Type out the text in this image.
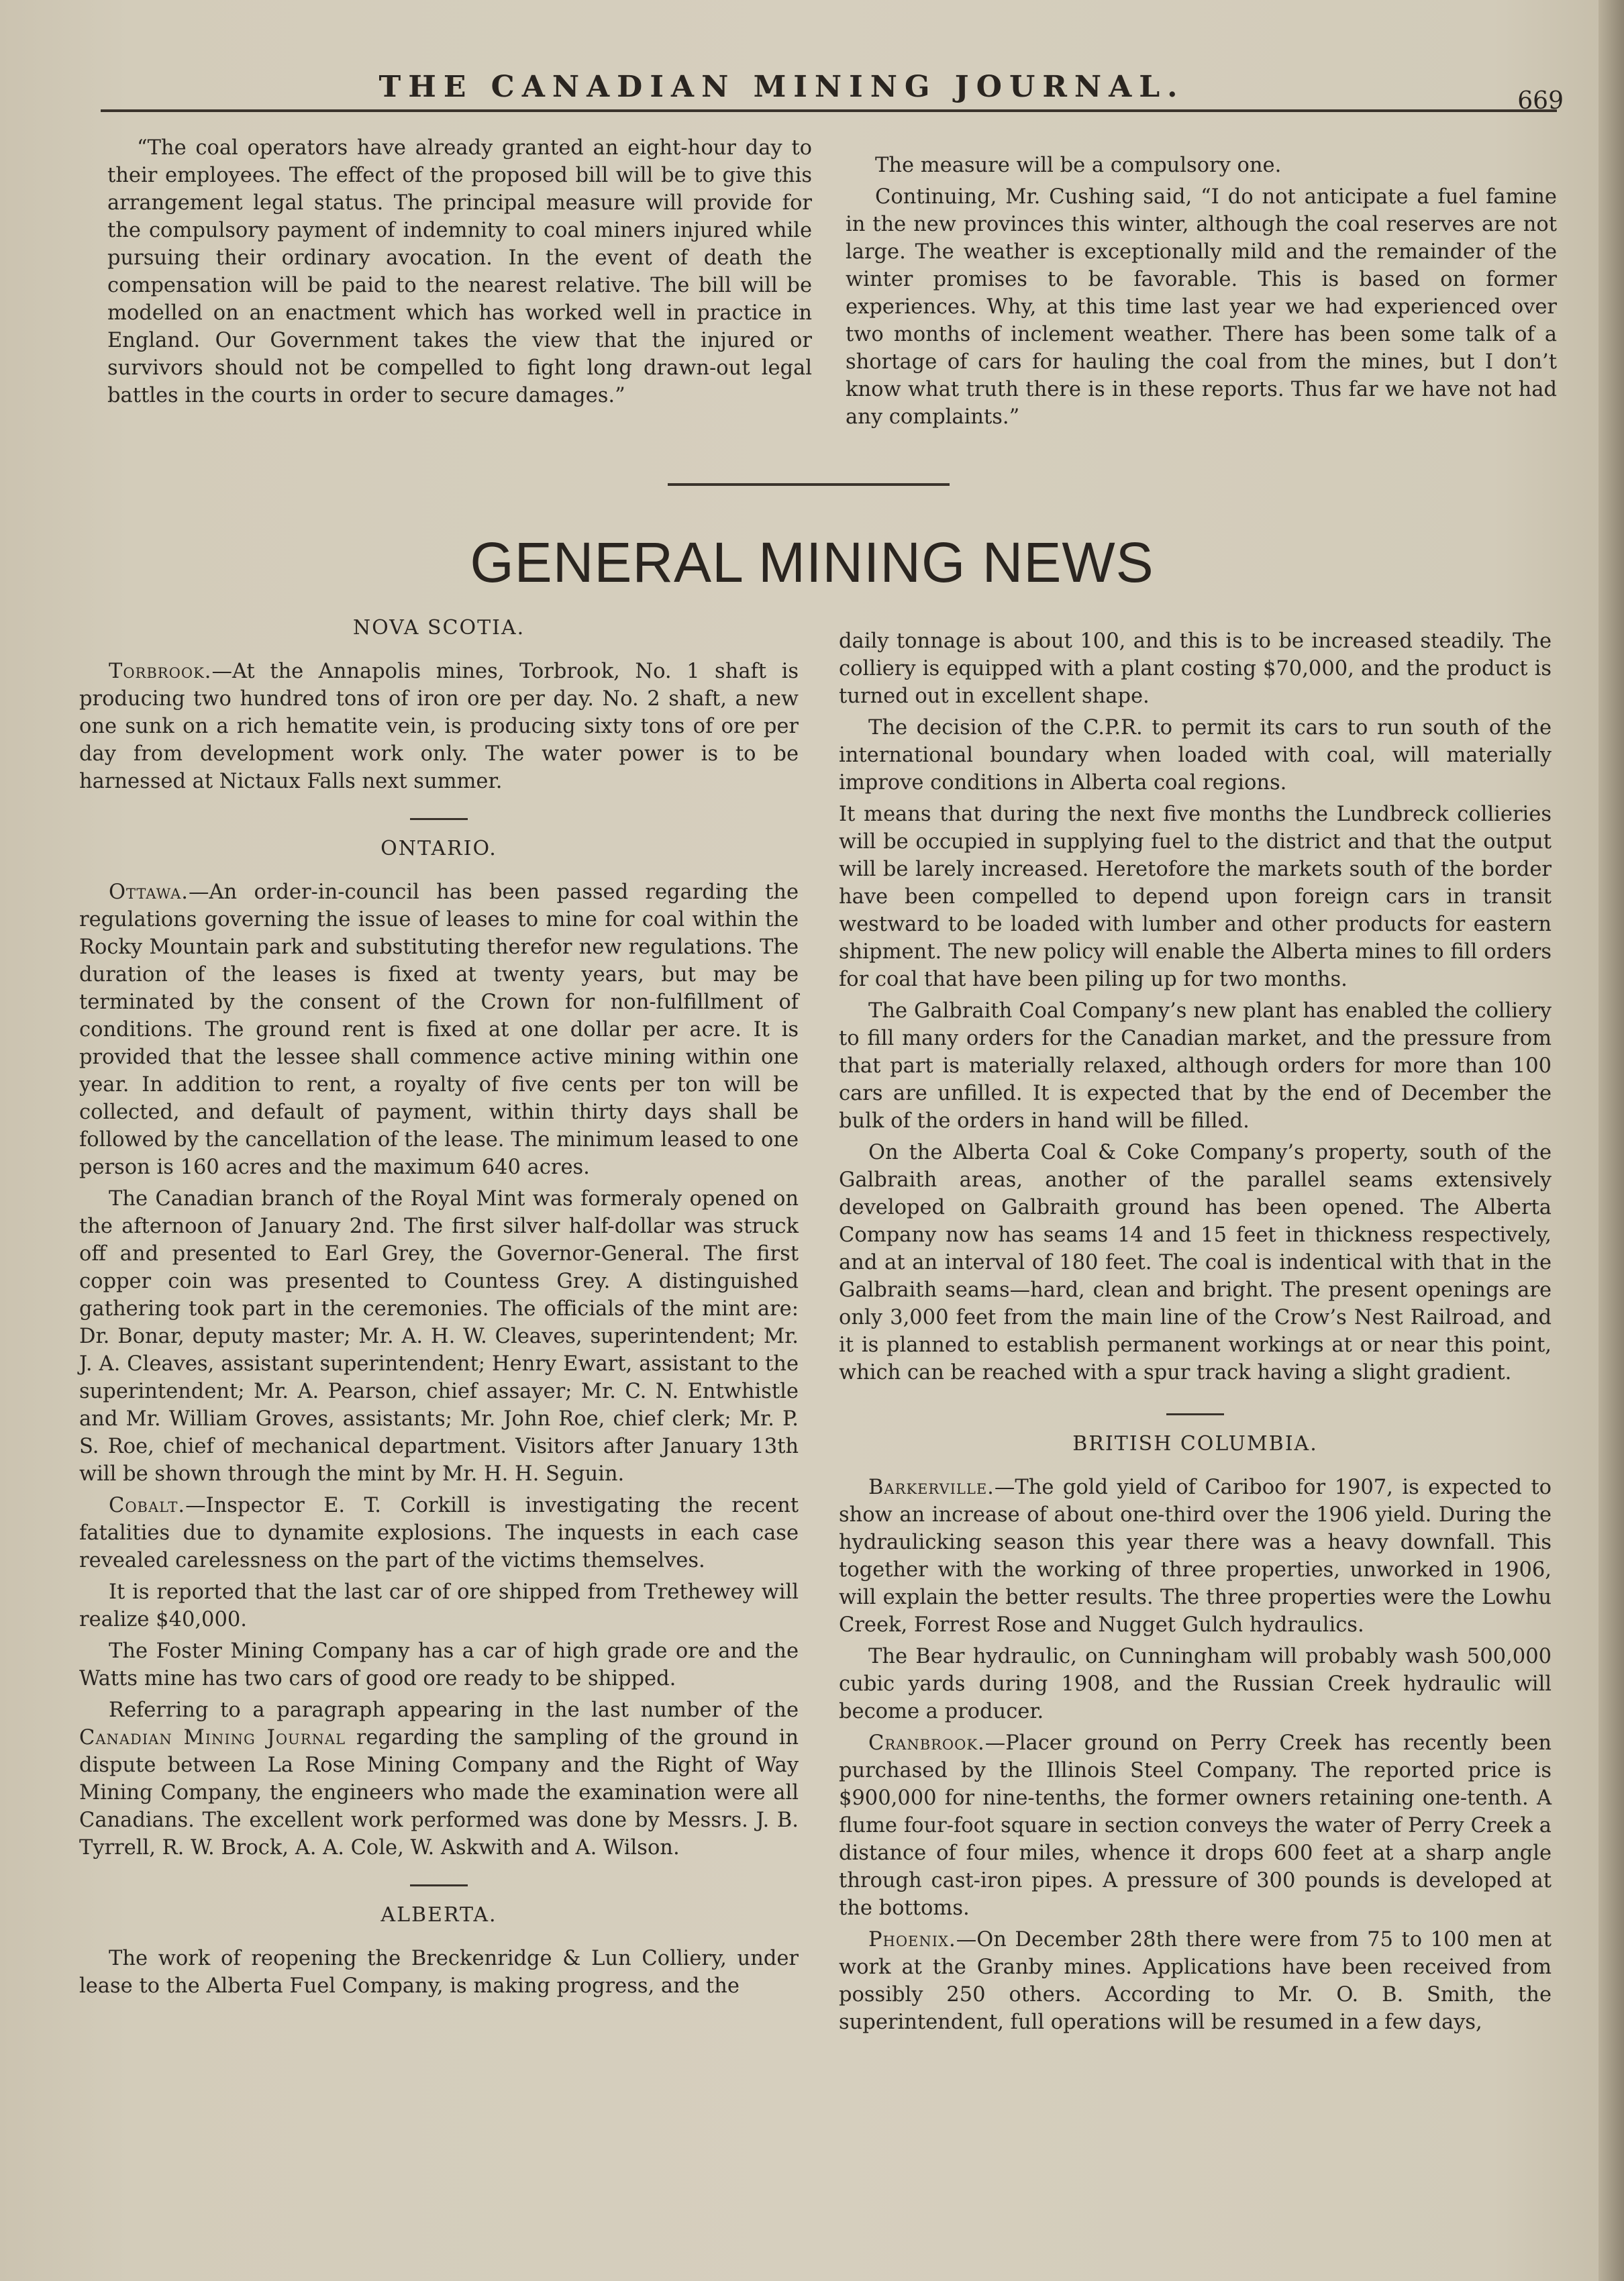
THE CANADIAN MINING JOURNAL.	669

“The coal operators have already granted an eight-hour day to their employees. The effect of the proposed bill will be to give this arrangement legal status. The principal measure will provide for the compulsory payment of indemnity to coal miners injured while pursuing their ordinary avocation. In the event of death the compensation will be paid to the nearest relative. The bill will be modelled on an enactment which has worked well in practice in England. Our Government takes the view that the injured or survivors should not be compelled to fight long drawn-out legal battles in the courts in order to secure damages.”

The measure will be a compulsory one.

Continuing, Mr. Cushing said, “I do not anticipate a fuel famine in the new provinces this winter, although the coal reserves are not large. The weather is exceptionally mild and the remainder of the winter promises to be favorable. This is based on former experiences. Why, at this time last year we had experienced over two months of inclement weather. There has been some talk of a shortage of cars for hauling the coal from the mines, but I don’t know what truth there is in these reports. Thus far we have not had any complaints.”

GENERAL MINING NEWS
NOVA SCOTIA.

Torbrook.—At the Annapolis mines, Torbrook, No. 1 shaft is producing two hundred tons of iron ore per day. No. 2 shaft, a new one sunk on a rich hematite vein, is producing sixty tons of ore per day from development work only. The water power is to be harnessed at Nictaux Falls next summer.

ONTARIO.

Ottawa.—An order-in-council has been passed regarding the regulations governing the issue of leases to mine for coal within the Rocky Mountain park and substituting therefor new regulations. The duration of the leases is fixed at twenty years, but may be terminated by the consent of the Crown for non-fulfillment of conditions. The ground rent is fixed at one dollar per acre. It is provided that the lessee shall commence active mining within one year. In addition to rent, a royalty of five cents per ton will be collected, and default of payment, within thirty days shall be followed by the cancellation of the lease. The minimum leased to one person is 160 acres and the maximum 640 acres.

The Canadian branch of the Royal Mint was formeraly opened on the afternoon of January 2nd. The first silver half-dollar was struck off and presented to Earl Grey, the Governor-General. The first copper coin was presented to Countess Grey. A distinguished gathering took part in the ceremonies. The officials of the mint are: Dr. Bonar, deputy master; Mr. A. H. W. Cleaves, superintendent; Mr. J. A. Cleaves, assistant superintendent; Henry Ewart, assistant to the superintendent; Mr. A. Pearson, chief assayer; Mr. C. N. Entwhistle and Mr. William Groves, assistants; Mr. John Roe, chief clerk; Mr. P. S. Roe, chief of mechanical department. Visitors after January 13th will be shown through the mint by Mr. H. H. Seguin.

Cobalt.—Inspector E. T. Corkill is investigating the recent fatalities due to dynamite explosions. The inquests in each case revealed carelessness on the part of the victims themselves.

It is reported that the last car of ore shipped from Trethewey will realize $40,000.

The Foster Mining Company has a car of high grade ore and the Watts mine has two cars of good ore ready to be shipped.

Referring to a paragraph appearing in the last number of the Canadian Mining Journal regarding the sampling of the ground in dispute between La Rose Mining Company and the Right of Way Mining Company, the engineers who made the examination were all Canadians. The excellent work performed was done by Messrs. J. B. Tyrrell, R. W. Brock, A. A. Cole, W. Askwith and A. Wilson.

ALBERTA.

The work of reopening the Breckenridge & Lun Colliery, under lease to the Alberta Fuel Company, is making progress, and the

daily tonnage is about 100, and this is to be increased steadily. The colliery is equipped with a plant costing $70,000, and the product is turned out in excellent shape.

The decision of the C.P.R. to permit its cars to run south of the international boundary when loaded with coal, will materially improve conditions in Alberta coal regions.

It means that during the next five months the Lundbreck collieries will be occupied in supplying fuel to the district and that the output will be larely increased. Heretofore the markets south of the border have been compelled to depend upon foreign cars in transit westward to be loaded with lumber and other products for eastern shipment. The new policy will enable the Alberta mines to fill orders for coal that have been piling up for two months.

The Galbraith Coal Company’s new plant has enabled the colliery to fill many orders for the Canadian market, and the pressure from that part is materially relaxed, although orders for more than 100 cars are unfilled. It is expected that by the end of December the bulk of the orders in hand will be filled.

On the Alberta Coal & Coke Company’s property, south of the Galbraith areas, another of the parallel seams extensively developed on Galbraith ground has been opened. The Alberta Company now has seams 14 and 15 feet in thickness respectively, and at an interval of 180 feet. The coal is indentical with that in the Galbraith seams—hard, clean and bright. The present openings are only 3,000 feet from the main line of the Crow’s Nest Railroad, and it is planned to establish permanent workings at or near this point, which can be reached with a spur track having a slight gradient.

BRITISH COLUMBIA.

Barkerville.—The gold yield of Cariboo for 1907, is expected to show an increase of about one-third over the 1906 yield. During the hydraulicking season this year there was a heavy downfall. This together with the working of three properties, unworked in 1906, will explain the better results. The three properties were the Lowhu Creek, Forrest Rose and Nugget Gulch hydraulics.

The Bear hydraulic, on Cunningham will probably wash 500,000 cubic yards during 1908, and the Russian Creek hydraulic will become a producer.

Cranbrook.—Placer ground on Perry Creek has recently been purchased by the Illinois Steel Company. The reported price is $900,000 for nine-tenths, the former owners retaining one-tenth. A flume four-foot square in section conveys the water of Perry Creek a distance of four miles, whence it drops 600 feet at a sharp angle through cast-iron pipes. A pressure of 300 pounds is developed at the bottoms.

Phoenix.—On December 28th there were from 75 to 100 men at work at the Granby mines. Applications have been received from possibly 250 others. According to Mr. O. B. Smith, the superintendent, full operations will be resumed in a few days,
